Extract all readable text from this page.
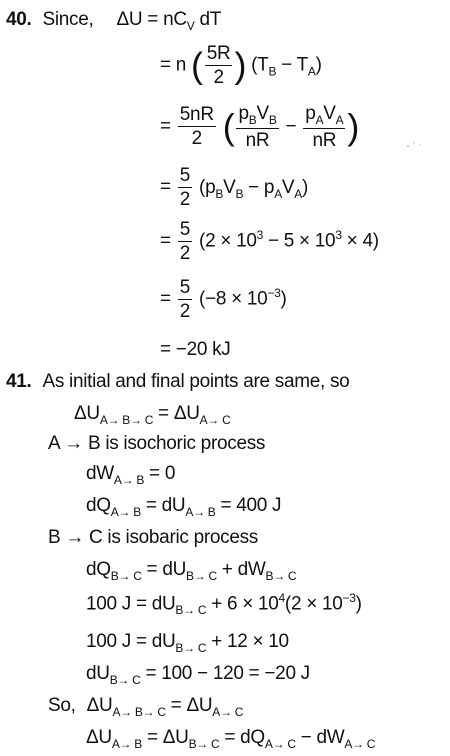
40. Since, $\Delta U = nC_V$ dT
= n ( $\frac{5R}{2}$ ) $(T_B - T_A)$
= $\frac{5nR}{2}$ ( $p_BV_B$
nR
−
$p_AV_A$
nR )
= $\frac{5}{2} (p_BV_B - p_AV_A)$
= $\frac{5}{2} (2 \times 10^3 - 5 \times 10^3 \times 4)$
= $\frac{5}{2} (-8 \times 10^{-3})$
= −20 kJ
41. As initial and final points are same, so
$\Delta U_{A\to B\to C} = \Delta U_{A\to C}$
A → B is isochoric process
$dW_{A\to B} = 0$
$dQ_{A\to B} = dU_{A\to B} = 400$ J
B → C is isobaric process
$dQ_{B\to C} = dU_{B\to C} + dW_{B\to C}$
100 $J = dU_{B\to C} + 6 \times 10^4(2 \times 10^{-3})$
100 $J = dU_{B\to C} + 12 \times 10$
$dU_{B\to C} = 100 - 120 = -20$ J
So, $\Delta U_{A\to B\to C} = \Delta U_{A\to C}$
$\Delta U_{A\to B} = \Delta U_{B\to C} = dQ_{A\to C} - dW_{A\to C}$
